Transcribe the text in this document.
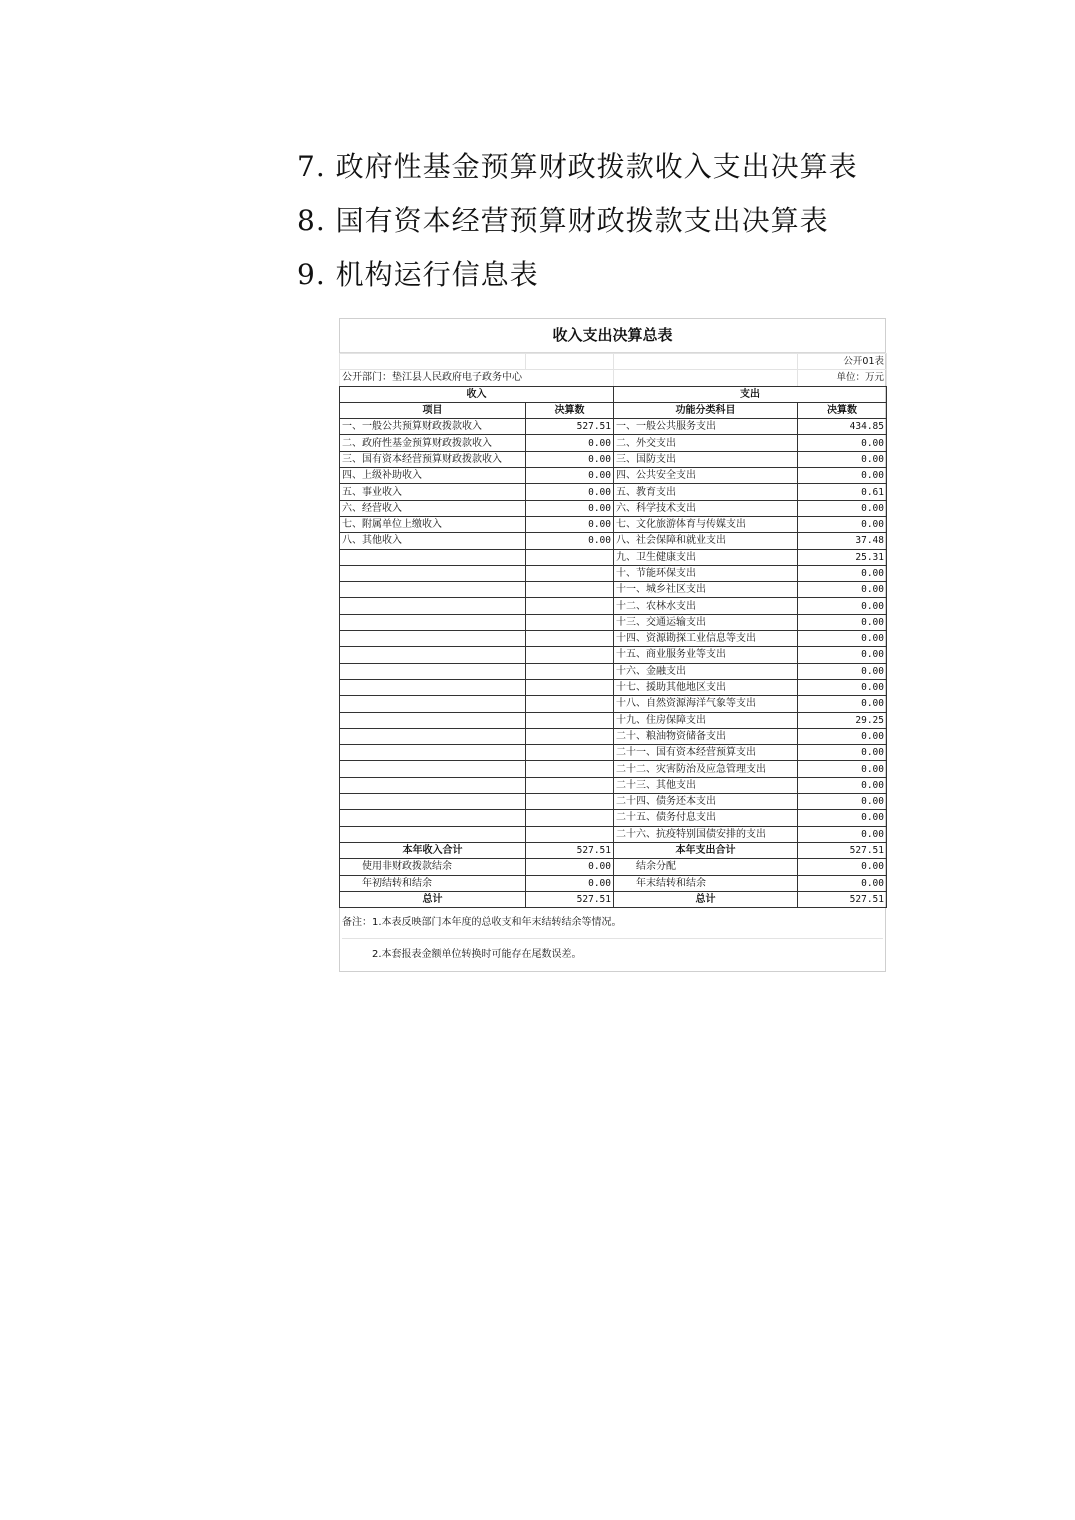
7. 政府性基金预算财政拨款收入支出决算表
8. 国有资本经营预算财政拨款支出决算表
9. 机构运行信息表
收入支出决算总表
			公开01表
公开部门：垫江县人民政府电子政务中心			单位：万元
收入		支出	
项目	决算数	功能分类科目	决算数
一、一般公共预算财政拨款收入	527.51	一、一般公共服务支出	434.85
二、政府性基金预算财政拨款收入	0.00	二、外交支出	0.00
三、国有资本经营预算财政拨款收入	0.00	三、国防支出	0.00
四、上级补助收入	0.00	四、公共安全支出	0.00
五、事业收入	0.00	五、教育支出	0.61
六、经营收入	0.00	六、科学技术支出	0.00
七、附属单位上缴收入	0.00	七、文化旅游体育与传媒支出	0.00
八、其他收入	0.00	八、社会保障和就业支出	37.48
		九、卫生健康支出	25.31
		十、节能环保支出	0.00
		十一、城乡社区支出	0.00
		十二、农林水支出	0.00
		十三、交通运输支出	0.00
		十四、资源勘探工业信息等支出	0.00
		十五、商业服务业等支出	0.00
		十六、金融支出	0.00
		十七、援助其他地区支出	0.00
		十八、自然资源海洋气象等支出	0.00
		十九、住房保障支出	29.25
		二十、粮油物资储备支出	0.00
		二十一、国有资本经营预算支出	0.00
		二十二、灾害防治及应急管理支出	0.00
		二十三、其他支出	0.00
		二十四、债务还本支出	0.00
		二十五、债务付息支出	0.00
		二十六、抗疫特别国债安排的支出	0.00
本年收入合计	527.51	本年支出合计	527.51
使用非财政拨款结余	0.00	结余分配	0.00
年初结转和结余	0.00	年末结转和结余	0.00
总计	527.51	总计	527.51
备注：1.本表反映部门本年度的总收支和年末结转结余等情况。
2.本套报表金额单位转换时可能存在尾数误差。
